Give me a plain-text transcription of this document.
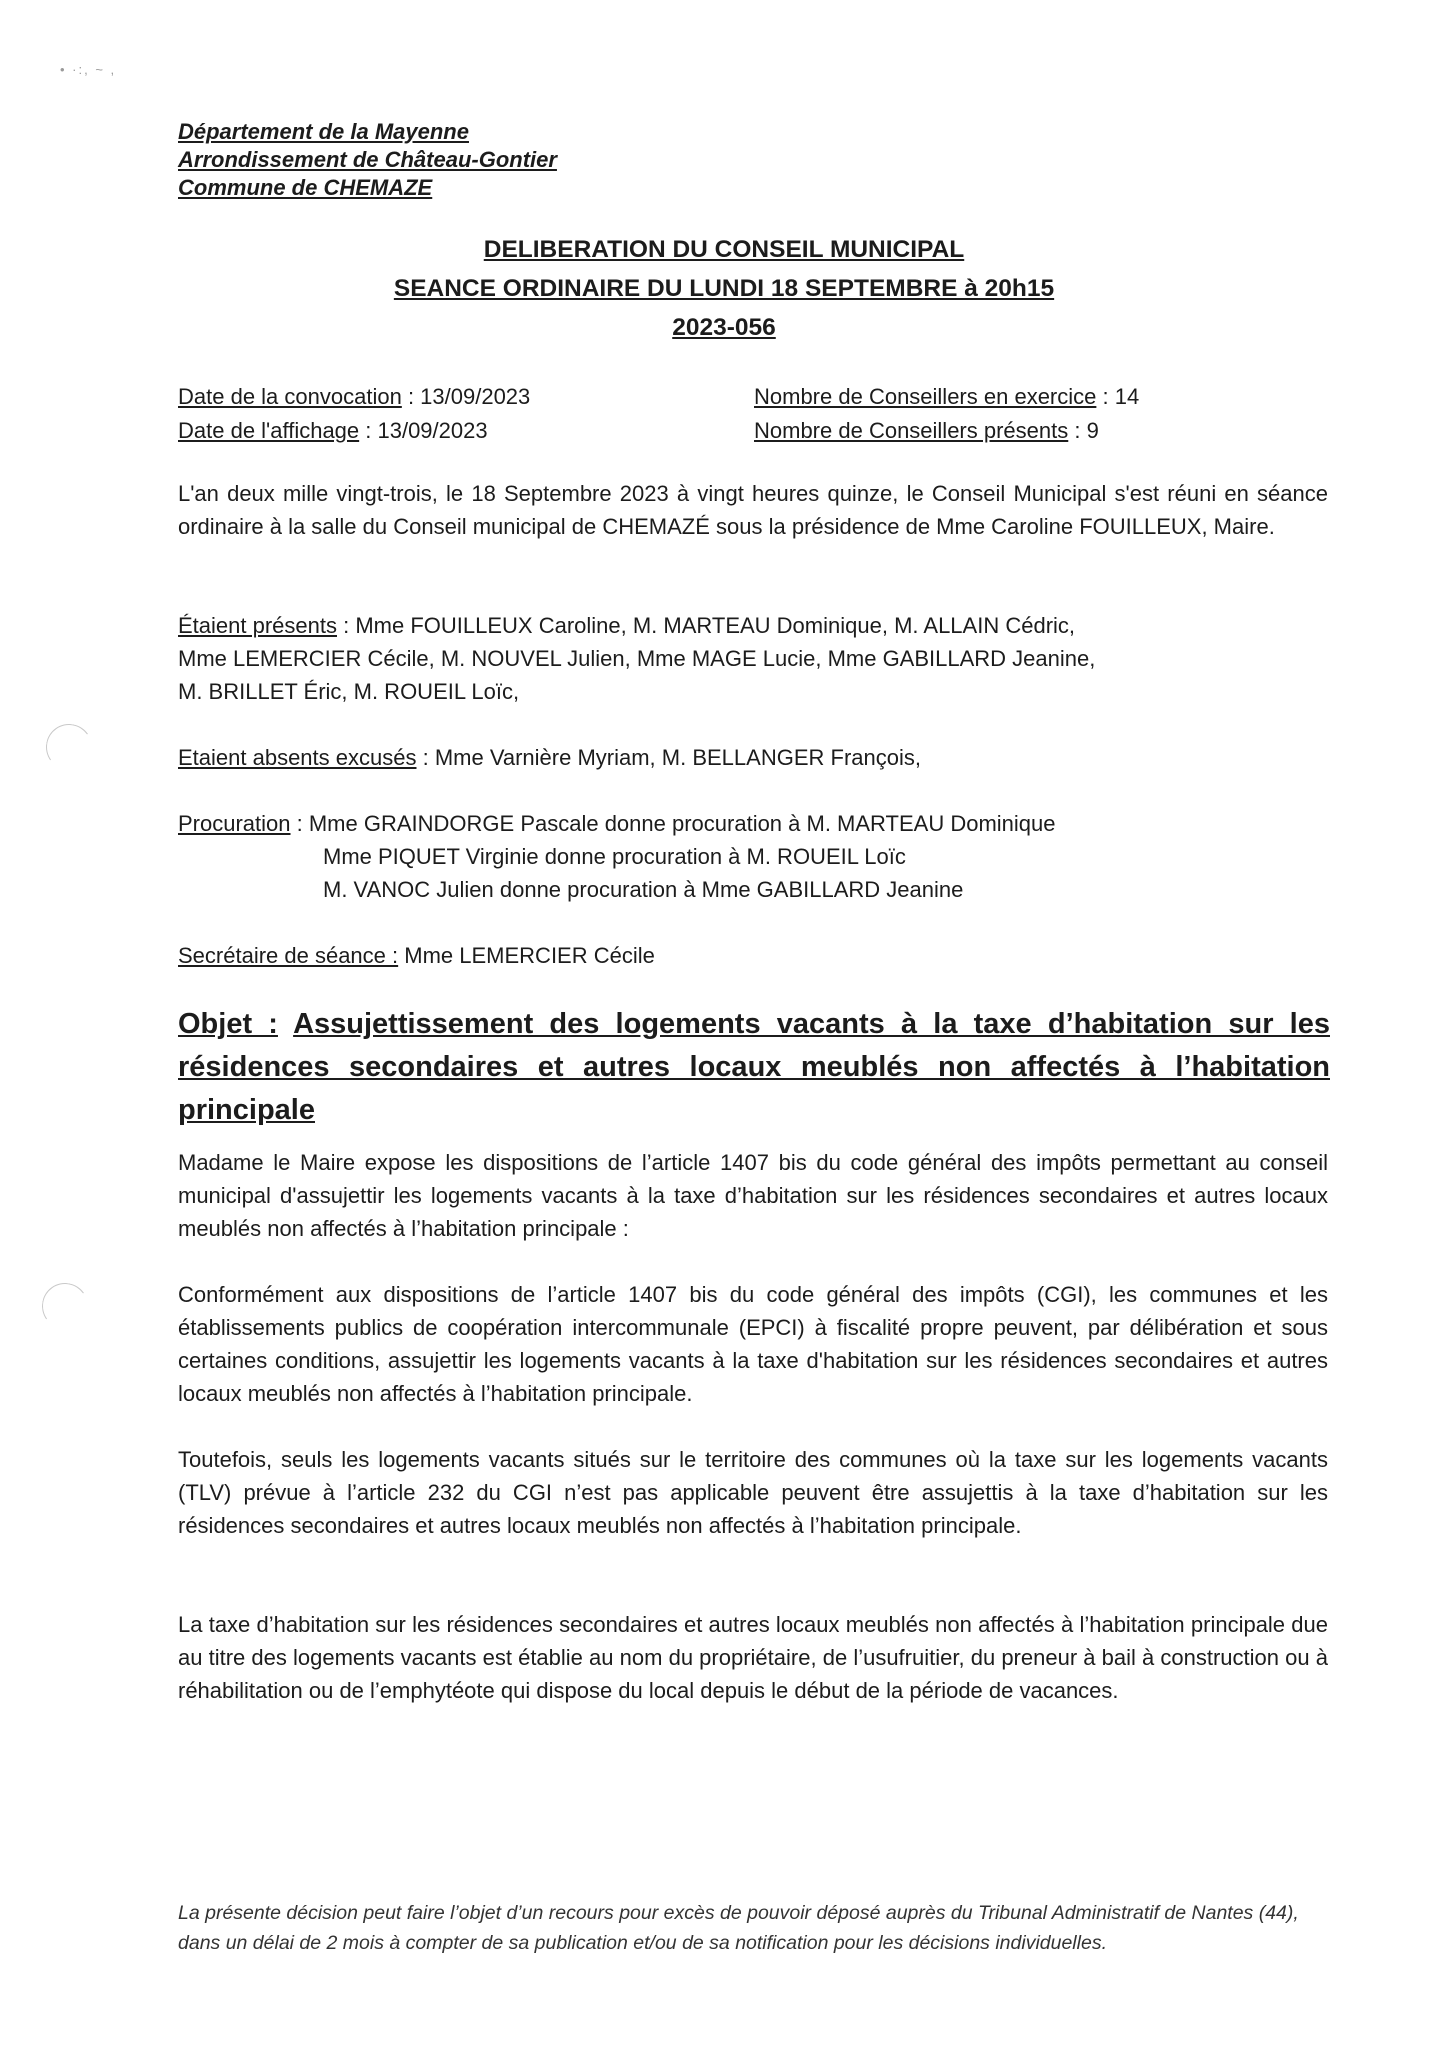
• ·:, ~ ,
Département de la Mayenne
Arrondissement de Château-Gontier
Commune de CHEMAZE
DELIBERATION DU CONSEIL MUNICIPAL
SEANCE ORDINAIRE DU LUNDI 18 SEPTEMBRE à 20h15
2023-056
Date de la convocation : 13/09/2023
Date de l'affichage : 13/09/2023
Nombre de Conseillers en exercice : 14
Nombre de Conseillers présents : 9
L'an deux mille vingt-trois, le 18 Septembre 2023 à vingt heures quinze, le Conseil Municipal s'est réuni en séance ordinaire à la salle du Conseil municipal de CHEMAZÉ sous la présidence de Mme Caroline FOUILLEUX, Maire.
Étaient présents : Mme FOUILLEUX Caroline, M. MARTEAU Dominique, M. ALLAIN Cédric,
Mme LEMERCIER Cécile, M. NOUVEL Julien, Mme MAGE Lucie, Mme GABILLARD Jeanine,
M. BRILLET Éric, M. ROUEIL Loïc,
Etaient absents excusés : Mme Varnière Myriam, M. BELLANGER François,
Procuration : Mme GRAINDORGE Pascale donne procuration à M. MARTEAU Dominique
Mme PIQUET Virginie donne procuration à M. ROUEIL Loïc
M. VANOC Julien donne procuration à Mme GABILLARD Jeanine
Secrétaire de séance : Mme LEMERCIER Cécile
Objet : Assujettissement des logements vacants à la taxe d’habitation sur les résidences secondaires et autres locaux meublés non affectés à l’habitation principale
Madame le Maire expose les dispositions de l’article 1407 bis du code général des impôts permettant au conseil municipal d'assujettir les logements vacants à la taxe d’habitation sur les résidences secondaires et autres locaux meublés non affectés à l’habitation principale :
Conformément aux dispositions de l’article 1407 bis du code général des impôts (CGI), les communes et les établissements publics de coopération intercommunale (EPCI) à fiscalité propre peuvent, par délibération et sous certaines conditions, assujettir les logements vacants à la taxe d'habitation sur les résidences secondaires et autres locaux meublés non affectés à l’habitation principale.
Toutefois, seuls les logements vacants situés sur le territoire des communes où la taxe sur les logements vacants (TLV) prévue à l’article 232 du CGI n’est pas applicable peuvent être assujettis à la taxe d’habitation sur les résidences secondaires et autres locaux meublés non affectés à l’habitation principale.
La taxe d’habitation sur les résidences secondaires et autres locaux meublés non affectés à l’habitation principale due au titre des logements vacants est établie au nom du propriétaire, de l’usufruitier, du preneur à bail à construction ou à réhabilitation ou de l’emphytéote qui dispose du local depuis le début de la période de vacances.
La présente décision peut faire l’objet d’un recours pour excès de pouvoir déposé auprès du Tribunal Administratif de Nantes (44), dans un délai de 2 mois à compter de sa publication et/ou de sa notification pour les décisions individuelles.
